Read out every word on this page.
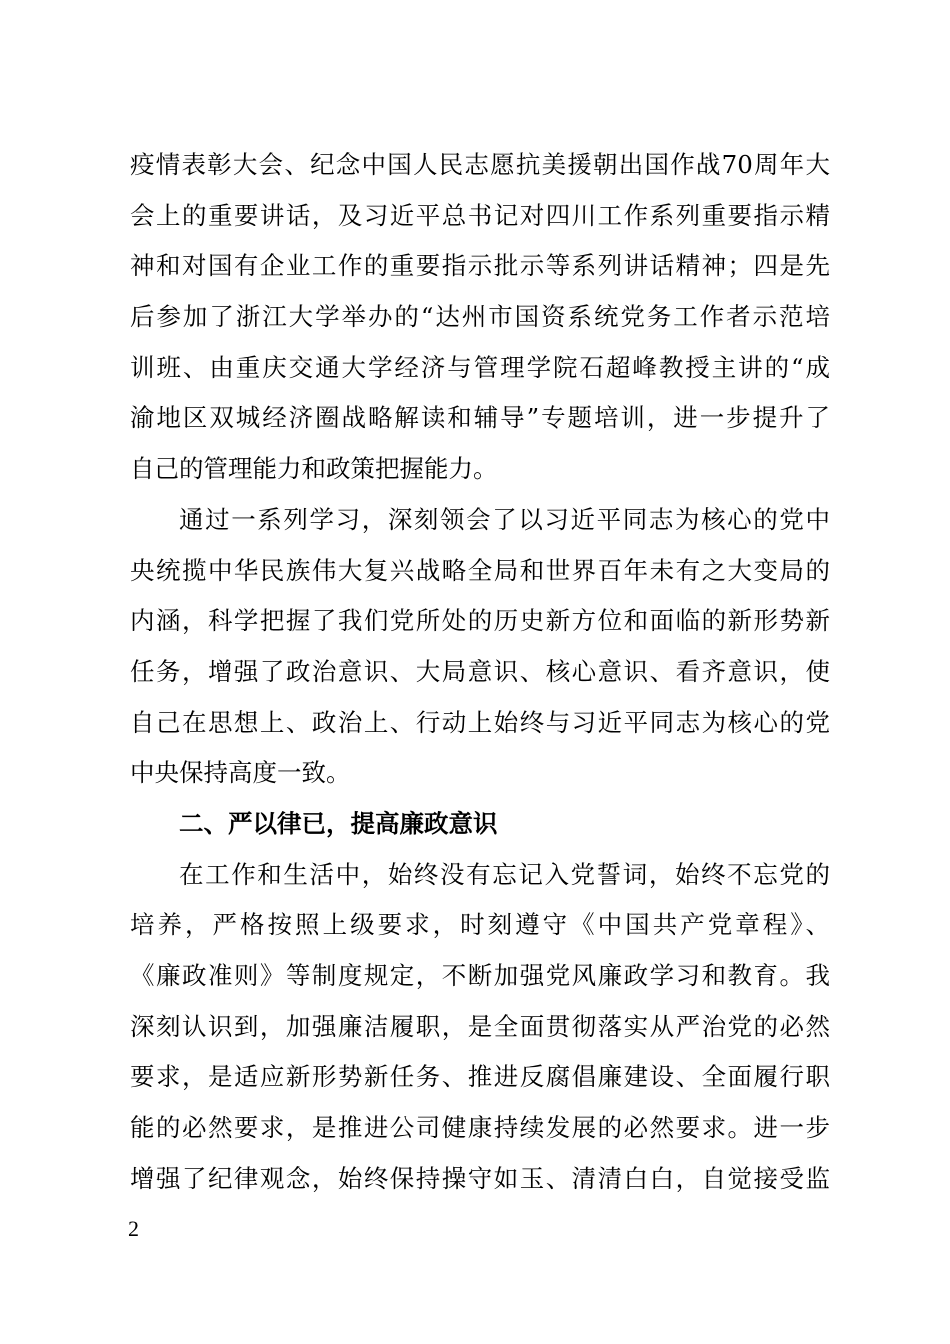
疫情表彰大会、纪念中国人民志愿抗美援朝出国作战70周年大
会上的重要讲话，及习近平总书记对四川工作系列重要指示精
神和对国有企业工作的重要指示批示等系列讲话精神；四是先
后参加了浙江大学举办的“达州市国资系统党务工作者示范培
训班、由重庆交通大学经济与管理学院石超峰教授主讲的“成
渝地区双城经济圈战略解读和辅导”专题培训，进一步提升了
自己的管理能力和政策把握能力。
通过一系列学习，深刻领会了以习近平同志为核心的党中
央统揽中华民族伟大复兴战略全局和世界百年未有之大变局的
内涵，科学把握了我们党所处的历史新方位和面临的新形势新
任务，增强了政治意识、大局意识、核心意识、看齐意识，使
自己在思想上、政治上、行动上始终与习近平同志为核心的党
中央保持高度一致。
二、严以律已，提高廉政意识
在工作和生活中，始终没有忘记入党誓词，始终不忘党的
培养，严格按照上级要求，时刻遵守《中国共产党章程》、
《廉政准则》等制度规定，不断加强党风廉政学习和教育。我
深刻认识到，加强廉洁履职，是全面贯彻落实从严治党的必然
要求，是适应新形势新任务、推进反腐倡廉建设、全面履行职
能的必然要求，是推进公司健康持续发展的必然要求。进一步
增强了纪律观念，始终保持操守如玉、清清白白，自觉接受监
2
